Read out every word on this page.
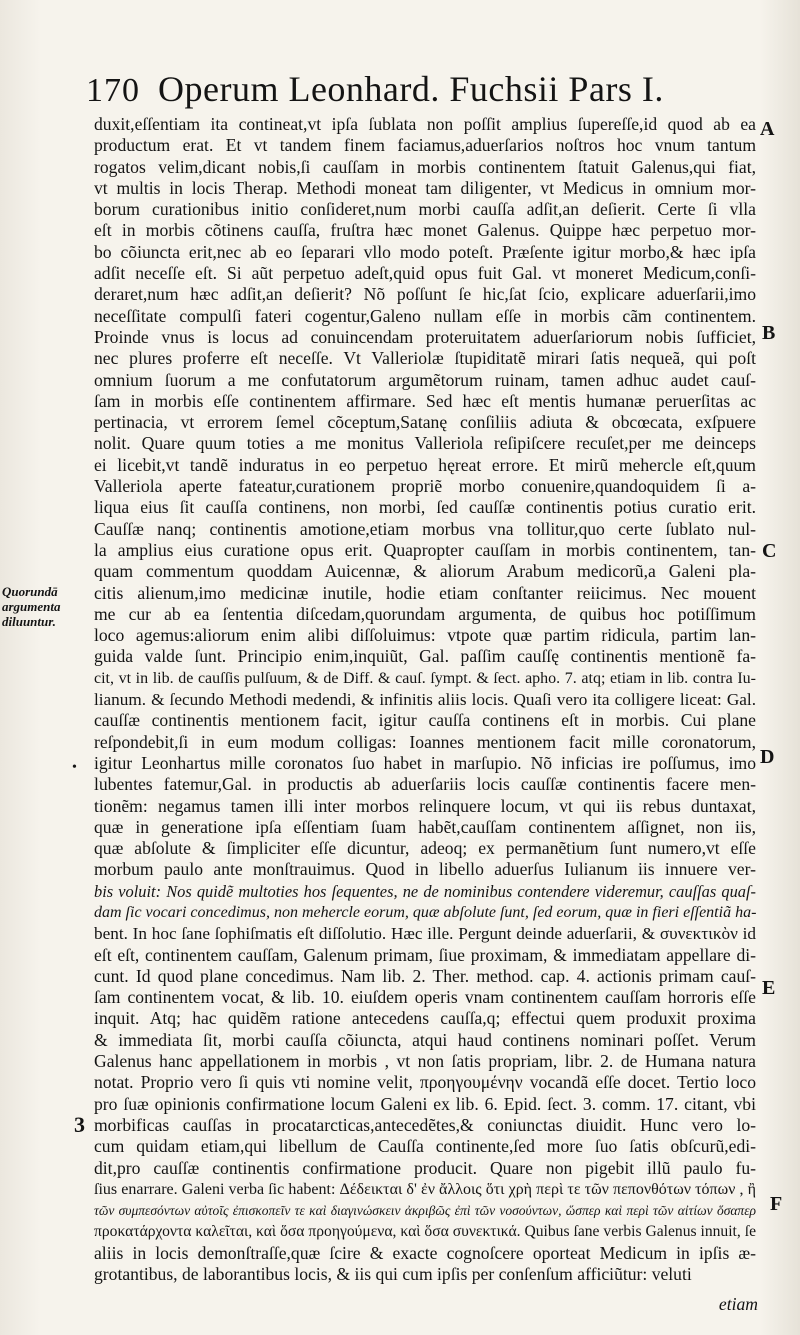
170 Operum Leonhard. Fuchsii Pars I.
A
B
C
D
E
F
Quorundā argumenta diluuntur.
3
•
duxit,eſſentiam ita contineat,vt ipſa ſublata non poſſit amplius ſupereſſe,id quod ab ea
productum erat. Et vt tandem finem faciamus,aduerſarios noſtros hoc vnum tantum
rogatos velim,dicant nobis,ſi cauſſam in morbis continentem ſtatuit Galenus,qui fiat,
vt multis in locis Therap. Methodi moneat tam diligenter, vt Medicus in omnium mor-
borum curationibus initio conſideret,num morbi cauſſa adſit,an deſierit. Certe ſi vlla
eſt in morbis cõtinens cauſſa, fruſtra hæc monet Galenus. Quippe hæc perpetuo mor-
bo cõiuncta erit,nec ab eo ſeparari vllo modo poteſt. Præſente igitur morbo,& hæc ipſa
adſit neceſſe eſt. Si aũt perpetuo adeſt,quid opus fuit Gal. vt moneret Medicum,conſi-
deraret,num hæc adſit,an deſierit? Nõ poſſunt ſe hic,ſat ſcio, explicare aduerſarii,imo
neceſſitate compulſi fateri cogentur,Galeno nullam eſſe in morbis cãm continentem.
Proinde vnus is locus ad conuincendam proteruitatem aduerſariorum nobis ſufficiet,
nec plures proferre eſt neceſſe. Vt Valleriolæ ſtupiditatẽ mirari ſatis nequeã, qui poſt
omnium ſuorum a me confutatorum argumẽtorum ruinam, tamen adhuc audet cauſ-
ſam in morbis eſſe continentem affirmare. Sed hæc eſt mentis humanæ peruerſitas ac
pertinacia, vt errorem ſemel cõceptum,Satanę conſiliis adiuta & obcœcata, exſpuere
nolit. Quare quum toties a me monitus Valleriola reſipiſcere recuſet,per me deinceps
ei licebit,vt tandẽ induratus in eo perpetuo hęreat errore. Et mirũ mehercle eſt,quum
Valleriola aperte fateatur,curationem propriẽ morbo conuenire,quandoquidem ſi a-
liqua eius ſit cauſſa continens, non morbi, ſed cauſſæ continentis potius curatio erit.
Cauſſæ nanq; continentis amotione,etiam morbus vna tollitur,quo certe ſublato nul-
la amplius eius curatione opus erit. Quapropter cauſſam in morbis continentem, tan-
quam commentum quoddam Auicennæ, & aliorum Arabum medicorũ,a Galeni pla-
citis alienum,imo medicinæ inutile, hodie etiam conſtanter reiicimus. Nec mouent
me cur ab ea ſententia diſcedam,quorundam argumenta, de quibus hoc potiſſimum
loco agemus:aliorum enim alibi diſſoluimus: vtpote quæ partim ridicula, partim lan-
guida valde ſunt. Principio enim,inquiũt, Gal. paſſim cauſſę continentis mentionẽ fa-
cit, vt in lib. de cauſſis pulſuum, & de Diff. & cauſ. ſympt. & ſect. apho. 7. atq; etiam in lib. contra Iu-
lianum. & ſecundo Methodi medendi, & infinitis aliis locis. Quaſi vero ita colligere liceat: Gal.
cauſſæ continentis mentionem facit, igitur cauſſa continens eſt in morbis. Cui plane
reſpondebit,ſi in eum modum colligas: Ioannes mentionem facit mille coronatorum,
igitur Leonhartus mille coronatos ſuo habet in marſupio. Nõ inficias ire poſſumus, imo
lubentes fatemur,Gal. in productis ab aduerſariis locis cauſſæ continentis facere men-
tionẽm: negamus tamen illi inter morbos relinquere locum, vt qui iis rebus duntaxat,
quæ in generatione ipſa eſſentiam ſuam habẽt,cauſſam continentem aſſignet, non iis,
quæ abſolute & ſimpliciter eſſe dicuntur, adeoq; ex permanẽtium ſunt numero,vt eſſe
morbum paulo ante monſtrauimus. Quod in libello aduerſus Iulianum iis innuere ver-
bis voluit: Nos quidẽ multoties hos ſequentes, ne de nominibus contendere videremur, cauſſas quaſ-
dam ſic vocari concedimus, non mehercle eorum, quæ abſolute ſunt, ſed eorum, quæ in fieri eſſentiã ha-
bent. In hoc ſane ſophiſmatis eſt diſſolutio. Hæc ille. Pergunt deinde aduerſarii, & συνεκτικὸν id
eſt eſt, continentem cauſſam, Galenum primam, ſiue proximam, & immediatam appellare di-
cunt. Id quod plane concedimus. Nam lib. 2. Ther. method. cap. 4. actionis primam cauſ-
ſam continentem vocat, & lib. 10. eiuſdem operis vnam continentem cauſſam horroris eſſe
inquit. Atq; hac quidẽm ratione antecedens cauſſa,q; effectui quem produxit proxima
& immediata ſit, morbi cauſſa cõiuncta, atqui haud continens nominari poſſet. Verum
Galenus hanc appellationem in morbis , vt non ſatis propriam, libr. 2. de Humana natura
notat. Proprio vero ſi quis vti nomine velit, προηγουμένην vocandã eſſe docet. Tertio loco
pro ſuæ opinionis confirmatione locum Galeni ex lib. 6. Epid. ſect. 3. comm. 17. citant, vbi
morbificas cauſſas in procatarcticas,antecedẽtes,& coniunctas diuidit. Hunc vero lo-
cum quidam etiam,qui libellum de Cauſſa continente,ſed more ſuo ſatis obſcurũ,edi-
dit,pro cauſſæ continentis confirmatione producit. Quare non pigebit illũ paulo fu-
ſius enarrare. Galeni verba ſic habent: Δέδεικται δ' ἐν ἄλλοις ὅτι χρὴ περὶ τε τῶν πεπονθότων τόπων , ἢ
τῶν συμπεσόντων αὐτοῖς ἐπισκοπεῖν τε καὶ διαγινώσκειν ἀκριβῶς ἐπὶ τῶν νοσούντων, ὥσπερ καὶ περὶ τῶν αἰτίων ὅσαπερ
προκατάρχοντα καλεῖται, καὶ ὅσα προηγούμενα, καὶ ὅσα συνεκτικά. Quibus ſane verbis Galenus innuit, ſe
aliis in locis demonſtraſſe,quæ ſcire & exacte cognoſcere oporteat Medicum in ipſis æ-
grotantibus, de laborantibus locis, & iis qui cum ipſis per conſenſum afficiũtur: veluti
etiam
